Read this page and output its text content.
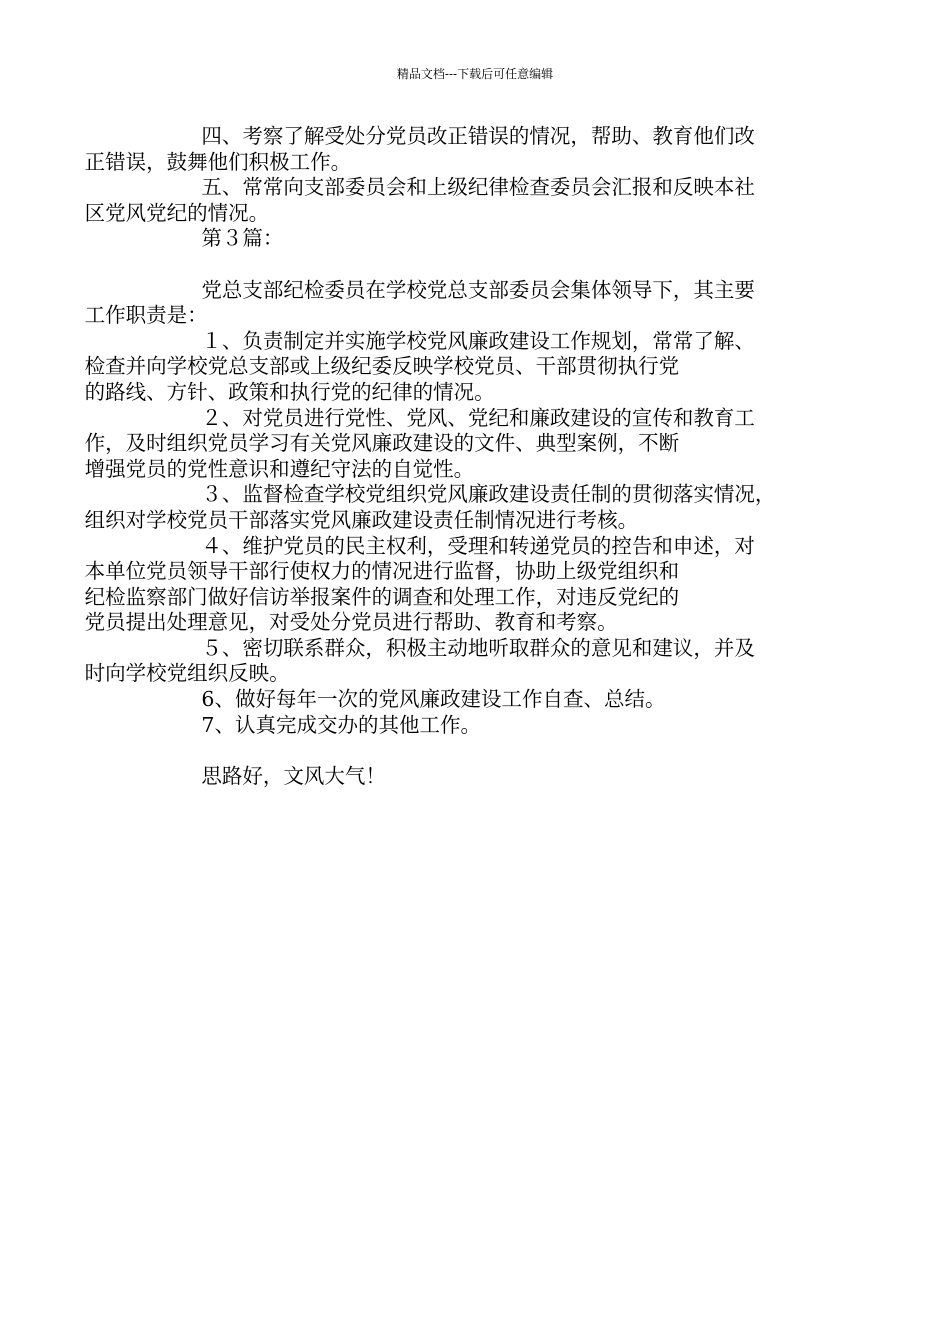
精品文档---下载后可任意编辑

四、考察了解受处分党员改正错误的情况，帮助、教育他们改
正错误，鼓舞他们积极工作。

五、常常向支部委员会和上级纪律检查委员会汇报和反映本社
区党风党纪的情况。

第３篇：

党总支部纪检委员在学校党总支部委员会集体领导下，其主要
工作职责是：

１、负责制定并实施学校党风廉政建设工作规划，常常了解、
检查并向学校党总支部或上级纪委反映学校党员、干部贯彻执行党
的路线、方针、政策和执行党的纪律的情况。

２、对党员进行党性、党风、党纪和廉政建设的宣传和教育工
作，及时组织党员学习有关党风廉政建设的文件、典型案例，不断
增强党员的党性意识和遵纪守法的自觉性。

３、监督检查学校党组织党风廉政建设责任制的贯彻落实情况，
组织对学校党员干部落实党风廉政建设责任制情况进行考核。

４、维护党员的民主权利，受理和转递党员的控告和申述，对
本单位党员领导干部行使权力的情况进行监督，协助上级党组织和
纪检监察部门做好信访举报案件的调查和处理工作，对违反党纪的
党员提出处理意见，对受处分党员进行帮助、教育和考察。

５、密切联系群众，积极主动地听取群众的意见和建议，并及
时向学校党组织反映。

6、做好每年一次的党风廉政建设工作自查、总结。

7、认真完成交办的其他工作。

思路好，文风大气！
